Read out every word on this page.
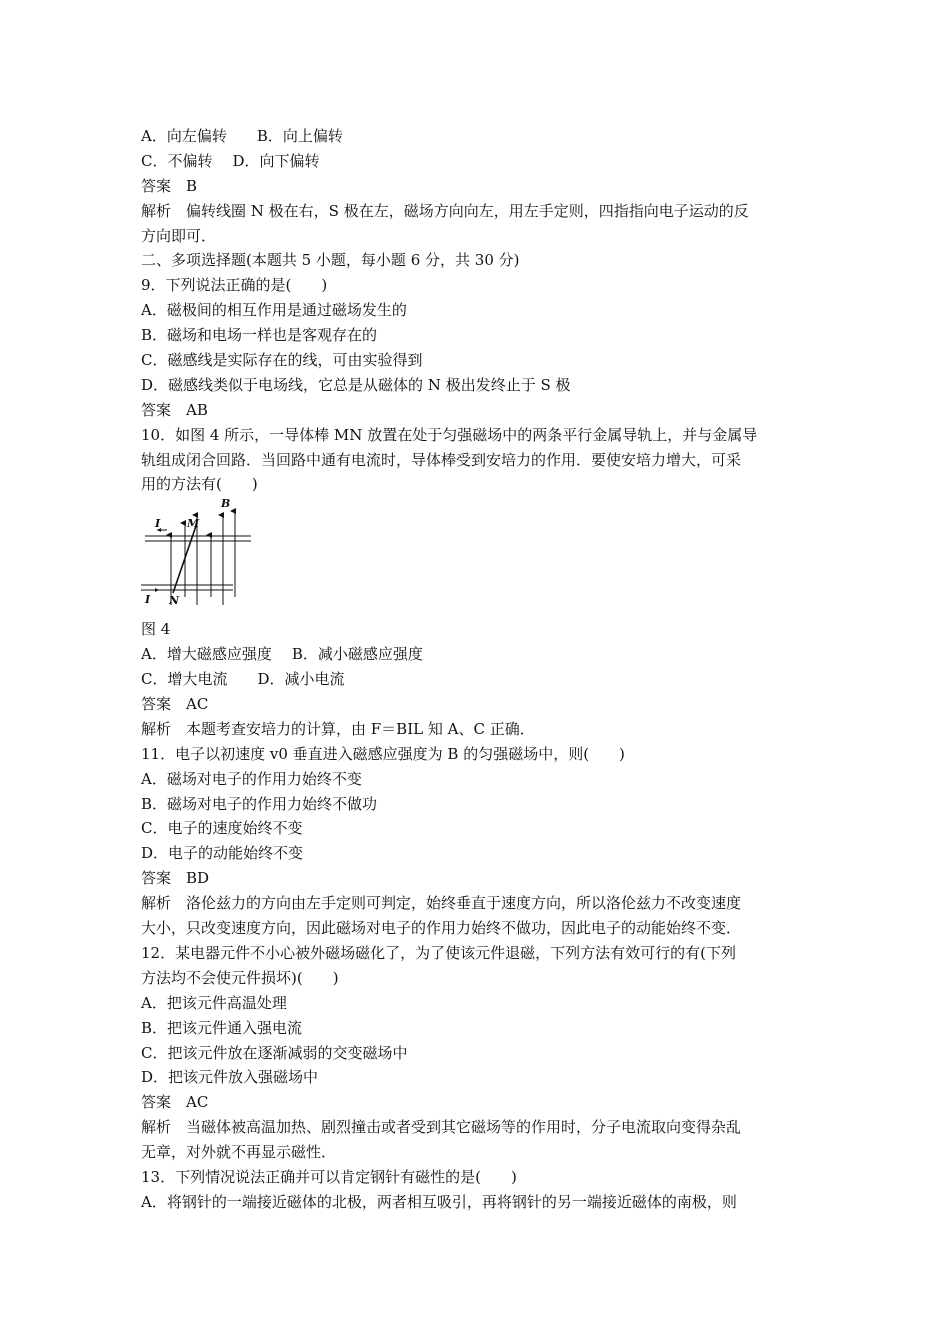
A．向左偏转 B．向上偏转
C．不偏转 D．向下偏转
答案　B
解析　偏转线圈 N 极在右，S 极在左，磁场方向向左，用左手定则，四指指向电子运动的反
方向即可．
二、多项选择题(本题共 5 小题，每小题 6 分，共 30 分)
9．下列说法正确的是(　　)
A．磁极间的相互作用是通过磁场发生的
B．磁场和电场一样也是客观存在的
C．磁感线是实际存在的线，可由实验得到
D．磁感线类似于电场线，它总是从磁体的 N 极出发终止于 S 极
答案　AB
10．如图 4 所示，一导体棒 MN 放置在处于匀强磁场中的两条平行金属导轨上，并与金属导
轨组成闭合回路．当回路中通有电流时，导体棒受到安培力的作用．要使安培力增大，可采
用的方法有(　　)
B
I M
I N
图 4
A．增大磁感应强度 B．减小磁感应强度
C．增大电流 D．减小电流
答案　AC
解析　本题考查安培力的计算，由 F＝BIL 知 A、C 正确．
11．电子以初速度 v0 垂直进入磁感应强度为 B 的匀强磁场中，则(　　)
A．磁场对电子的作用力始终不变
B．磁场对电子的作用力始终不做功
C．电子的速度始终不变
D．电子的动能始终不变
答案　BD
解析　洛伦兹力的方向由左手定则可判定，始终垂直于速度方向，所以洛伦兹力不改变速度
大小，只改变速度方向，因此磁场对电子的作用力始终不做功，因此电子的动能始终不变．
12．某电器元件不小心被外磁场磁化了，为了使该元件退磁，下列方法有效可行的有(下列
方法均不会使元件损坏)(　　)
A．把该元件高温处理
B．把该元件通入强电流
C．把该元件放在逐渐减弱的交变磁场中
D．把该元件放入强磁场中
答案　AC
解析　当磁体被高温加热、剧烈撞击或者受到其它磁场等的作用时，分子电流取向变得杂乱
无章，对外就不再显示磁性．
13．下列情况说法正确并可以肯定钢针有磁性的是(　　)
A．将钢针的一端接近磁体的北极，两者相互吸引，再将钢针的另一端接近磁体的南极，则
